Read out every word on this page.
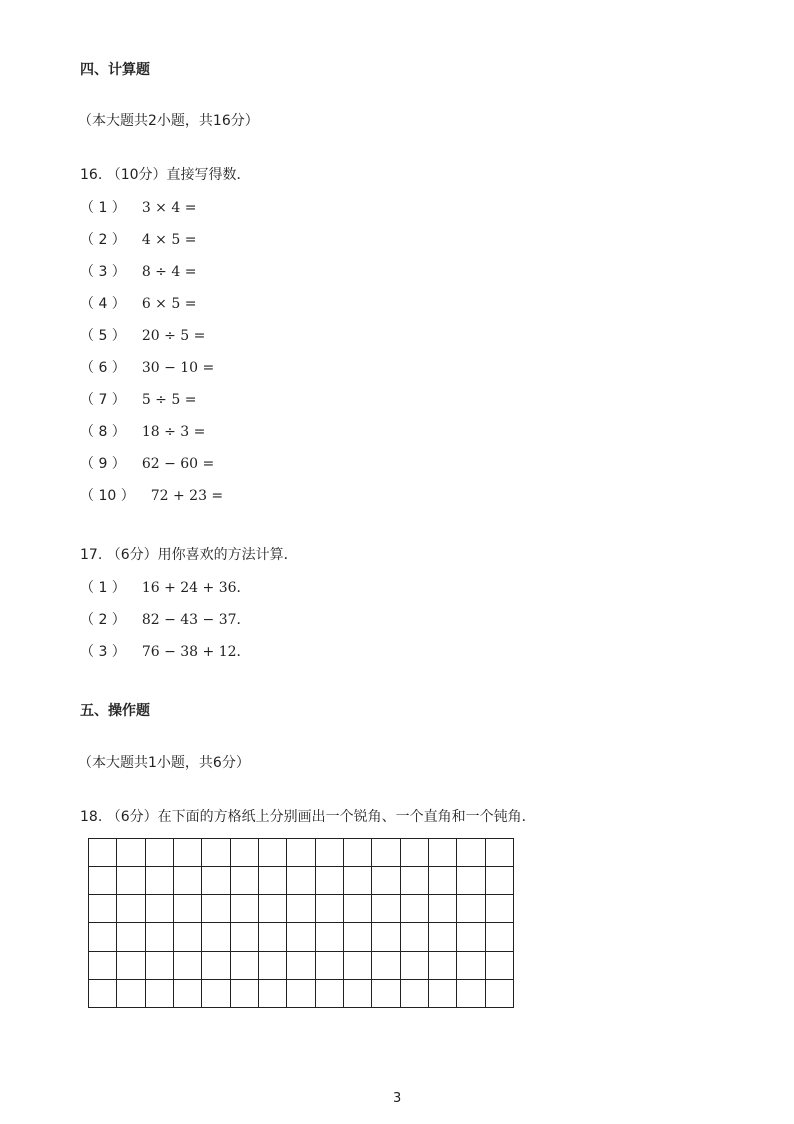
四、计算题
（本大题共2小题，共16分）
16. （10分）直接写得数．
（ 1 ） 3 × 4 =
（ 2 ） 4 × 5 =
（ 3 ） 8 ÷ 4 =
（ 4 ） 6 × 5 =
（ 5 ） 20 ÷ 5 =
（ 6 ） 30 − 10 =
（ 7 ） 5 ÷ 5 =
（ 8 ） 18 ÷ 3 =
（ 9 ） 62 − 60 =
（ 10 ） 72 + 23 =
17. （6分）用你喜欢的方法计算．
（ 1 ） 16 + 24 + 36．
（ 2 ） 82 − 43 − 37．
（ 3 ） 76 − 38 + 12．
五、操作题
（本大题共1小题，共6分）
18. （6分）在下面的方格纸上分别画出一个锐角、一个直角和一个钝角．

3
